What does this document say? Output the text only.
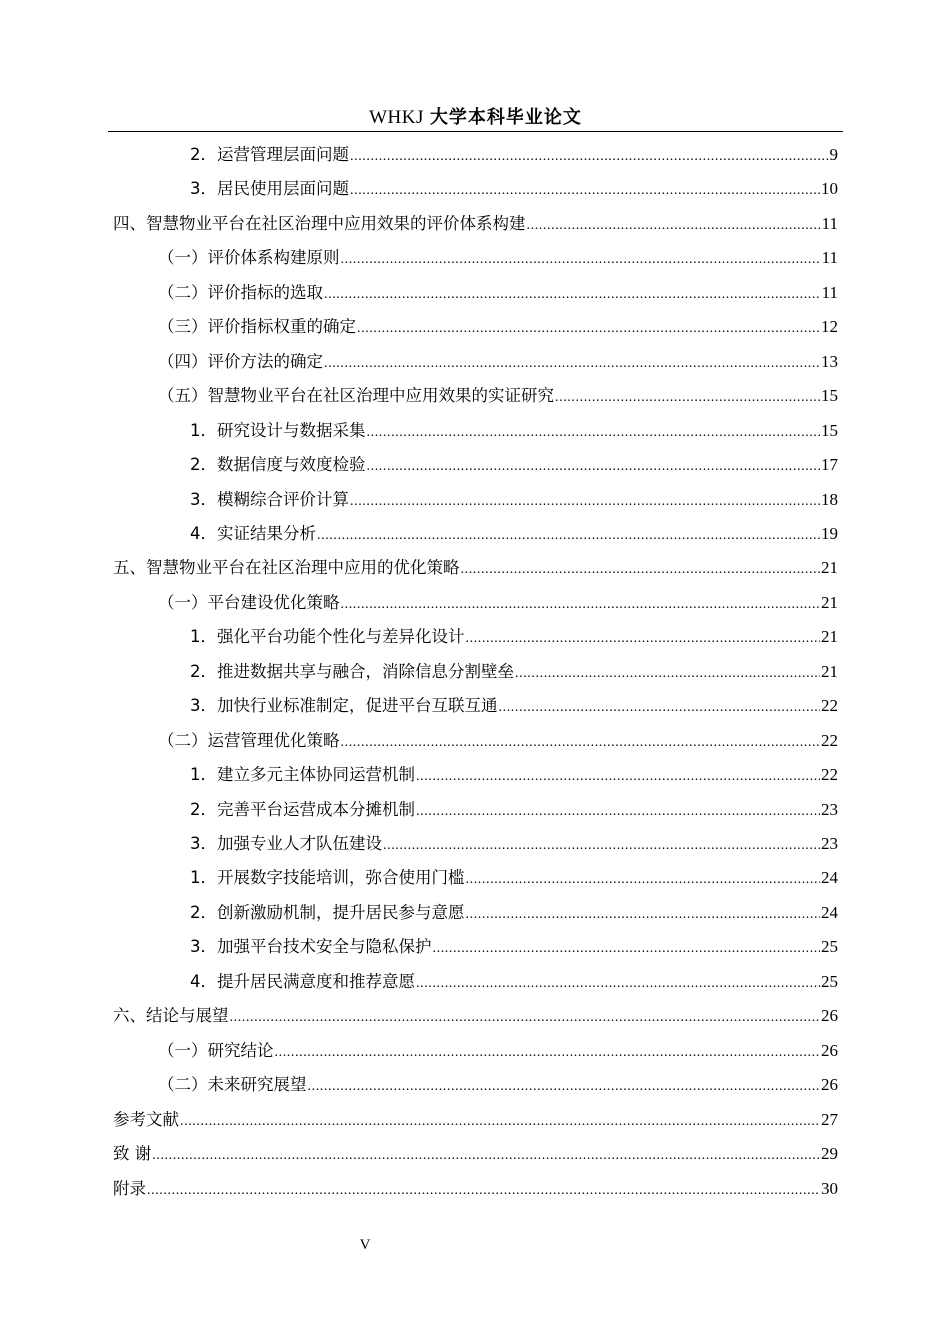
WHKJ 大学本科毕业论文
2．运营管理层面问题 .....	9
3．居民使用层面问题 .....	10
四、智慧物业平台在社区治理中应用效果的评价体系构建 .....	11
（一）评价体系构建原则 .....	11
（二）评价指标的选取 .....	11
（三）评价指标权重的确定 .....	12
（四）评价方法的确定 .....	13
（五）智慧物业平台在社区治理中应用效果的实证研究 .....	15
1．研究设计与数据采集 .....	15
2．数据信度与效度检验 .....	17
3．模糊综合评价计算 .....	18
4．实证结果分析 .....	19
五、智慧物业平台在社区治理中应用的优化策略 .....	21
（一）平台建设优化策略 .....	21
1．强化平台功能个性化与差异化设计 .....	21
2．推进数据共享与融合，消除信息分割壁垒 .....	21
3．加快行业标准制定，促进平台互联互通 .....	22
（二）运营管理优化策略 .....	22
1．建立多元主体协同运营机制 .....	22
2．完善平台运营成本分摊机制 .....	23
3．加强专业人才队伍建设 .....	23
1．开展数字技能培训，弥合使用门槛 .....	24
2．创新激励机制，提升居民参与意愿 .....	24
3．加强平台技术安全与隐私保护 .....	25
4．提升居民满意度和推荐意愿 .....	25
六、结论与展望 .....	26
（一）研究结论 .....	26
（二）未来研究展望 .....	26
参考文献 .....	27
致 谢 .....	29
附录 .....	30
V
